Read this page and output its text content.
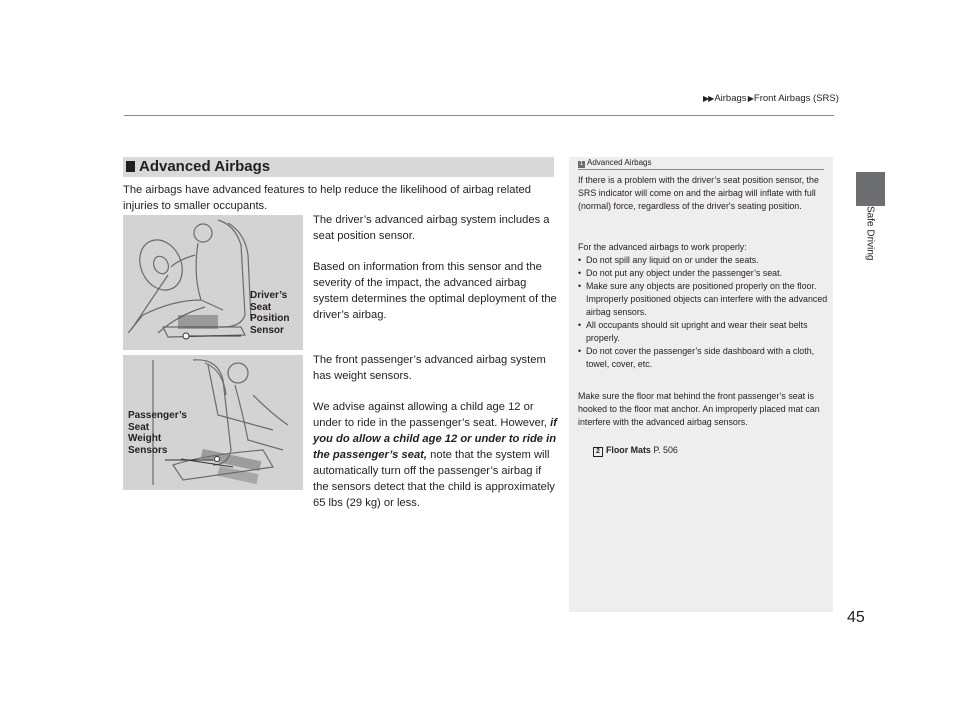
▶▶Airbags ▶Front Airbags (SRS)
Safe Driving
45
Advanced Airbags
The airbags have advanced features to help reduce the likelihood of airbag related injuries to smaller occupants.
The driver’s advanced airbag system includes a seat position sensor.
Based on information from this sensor and the severity of the impact, the advanced airbag system determines the optimal deployment of the driver’s airbag.
The front passenger’s advanced airbag system has weight sensors.
We advise against allowing a child age 12 or under to ride in the passenger’s seat. However, if you do allow a child age 12 or under to ride in the passenger’s seat, note that the system will automatically turn off the passenger’s airbag if the sensors detect that the child is approximately 65 lbs (29 kg) or less.
Driver’s
Seat
Position
Sensor
Passenger’s
Seat
Weight
Sensors
1 Advanced Airbags
If there is a problem with the driver’s seat position sensor, the SRS indicator will come on and the airbag will inflate with full (normal) force, regardless of the driver's seating position.
For the advanced airbags to work properly:
• Do not spill any liquid on or under the seats.
• Do not put any object under the passenger’s seat.
• Make sure any objects are positioned properly on the floor. Improperly positioned objects can interfere with the advanced airbag sensors.
• All occupants should sit upright and wear their seat belts properly.
• Do not cover the passenger’s side dashboard with a cloth, towel, cover, etc.
Make sure the floor mat behind the front passenger’s seat is hooked to the floor mat anchor. An improperly placed mat can interfere with the advanced airbag sensors.
2 Floor Mats P. 506
